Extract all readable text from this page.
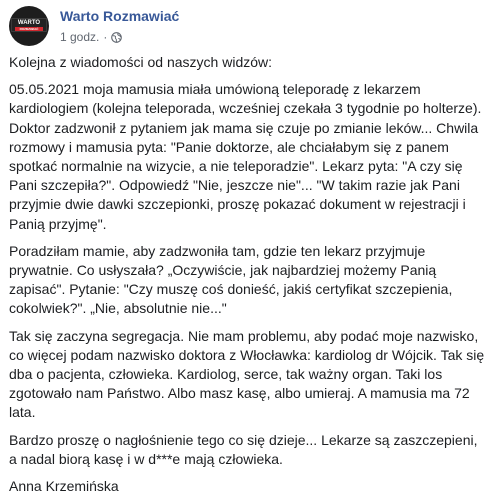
WARTO
ROZMAWIAĆ
Warto Rozmawiać
1 godz. ·

Kolejna z wiadomości od naszych widzów:

05.05.2021 moja mamusia miała umówioną teleporadę z lekarzem kardiologiem (kolejna teleporada, wcześniej czekała 3 tygodnie po holterze). Doktor zadzwonił z pytaniem jak mama się czuje po zmianie leków... Chwila rozmowy i mamusia pyta: "Panie doktorze, ale chciałabym się z panem spotkać normalnie na wizycie, a nie teleporadzie". Lekarz pyta: "A czy się Pani szczepiła?". Odpowiedź "Nie, jeszcze nie"... "W takim razie jak Pani przyjmie dwie dawki szczepionki, proszę pokazać dokument w rejestracji i Panią przyjmę".

Poradziłam mamie, aby zadzwoniła tam, gdzie ten lekarz przyjmuje prywatnie. Co usłyszała? „Oczywiście, jak najbardziej możemy Panią zapisać". Pytanie: "Czy muszę coś donieść, jakiś certyfikat szczepienia, cokolwiek?". „Nie, absolutnie nie..."

Tak się zaczyna segregacja. Nie mam problemu, aby podać moje nazwisko, co więcej podam nazwisko doktora z Włocławka: kardiolog dr Wójcik. Tak się dba o pacjenta, człowieka. Kardiolog, serce, tak ważny organ. Taki los zgotowało nam Państwo. Albo masz kasę, albo umieraj. A mamusia ma 72 lata.

Bardzo proszę o nagłośnienie tego co się dzieje... Lekarze są zaszczepieni, a nadal biorą kasę i w d***e mają człowieka.

Anna Krzemińska
